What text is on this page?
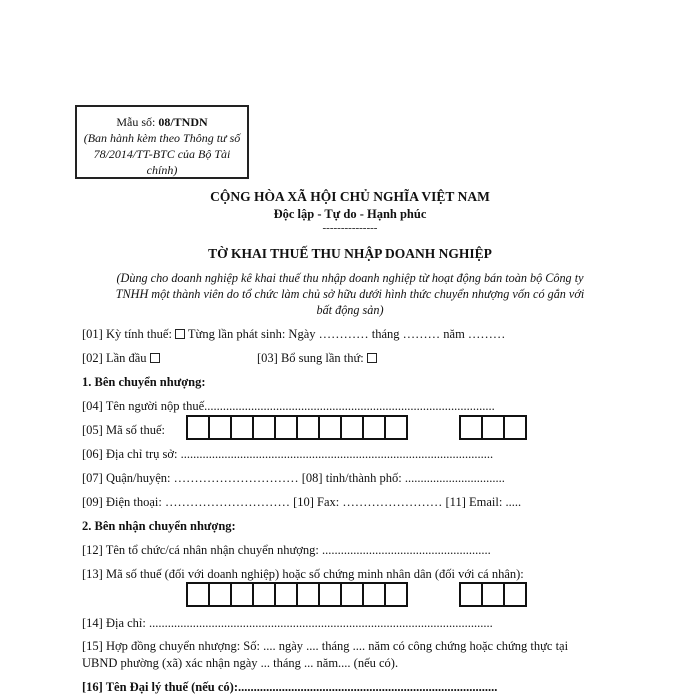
Mẫu số: 08/TNDN
(Ban hành kèm theo Thông tư số
78/2014/TT-BTC của Bộ Tài
chính)
CỘNG HÒA XÃ HỘI CHỦ NGHĨA VIỆT NAM
Độc lập - Tự do - Hạnh phúc
---------------
TỜ KHAI THUẾ THU NHẬP DOANH NGHIỆP
(Dùng cho doanh nghiệp kê khai thuế thu nhập doanh nghiệp từ hoạt động bán toàn bộ Công ty
TNHH một thành viên do tổ chức làm chủ sở hữu dưới hình thức chuyển nhượng vốn có gắn với
bất động sản)
[01] Kỳ tính thuế: Từng lần phát sinh: Ngày ………… tháng ……… năm ………
[02] Lần đầu	[03] Bổ sung lần thứ:
1. Bên chuyển nhượng:
[04] Tên người nộp thuế.............................................................................................
[05] Mã số thuế:
[06] Địa chỉ trụ sở: ....................................................................................................
[07] Quận/huyện: ………………………… [08] tỉnh/thành phố: ................................
[09] Điện thoại: ………………………… [10] Fax: …………………… [11] Email: .....
2. Bên nhận chuyển nhượng:
[12] Tên tổ chức/cá nhân nhận chuyển nhượng: ......................................................
[13] Mã số thuế (đối với doanh nghiệp) hoặc số chứng minh nhân dân (đối với cá nhân):
[14] Địa chỉ: ..............................................................................................................
[15] Hợp đồng chuyển nhượng: Số: .... ngày .... tháng .... năm có công chứng hoặc chứng thực tại
UBND phường (xã) xác nhận ngày ... tháng ... năm.... (nếu có).
[16] Tên Đại lý thuế (nếu có):...................................................................................
